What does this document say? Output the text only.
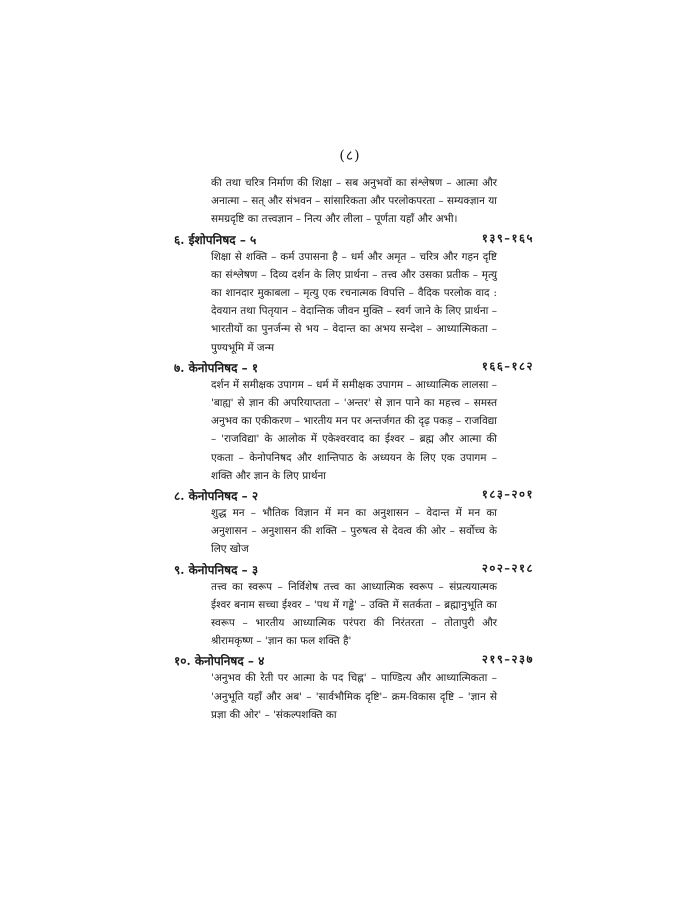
(८)
की तथा चरित्र निर्माण की शिक्षा – सब अनुभवों का संश्लेषण – आत्मा और अनात्मा – सत् और संभवन – सांसारिकता और परलोकपरता – सम्यक्ज्ञान या समग्रदृष्टि का तत्त्वज्ञान – नित्य और लीला – पूर्णता यहाँ और अभी।
६. ईशोपनिषद – ५	१३९–१६५
शिक्षा से शक्ति – कर्म उपासना है – धर्म और अमृत – चरित्र और गहन दृष्टि का संश्लेषण – दिव्य दर्शन के लिए प्रार्थना – तत्त्व और उसका प्रतीक – मृत्यु का शानदार मुकाबला – मृत्यु एक रचनात्मक विपत्ति – वैदिक परलोक वाद : देवयान तथा पितृयान – वेदान्तिक जीवन मुक्ति – स्वर्ग जाने के लिए प्रार्थना – भारतीयों का पुनर्जन्म से भय – वेदान्त का अभय सन्देश – आध्यात्मिकता – पुण्यभूमि में जन्म
७. केनोपनिषद – १	१६६–१८२
दर्शन में समीक्षक उपागम – धर्म में समीक्षक उपागम – आध्यात्मिक लालसा – 'बाह्य' से ज्ञान की अपरियाप्तता – 'अन्तर' से ज्ञान पाने का महत्त्व – समस्त अनुभव का एकीकरण – भारतीय मन पर अन्तर्जगत की दृढ़ पकड़ – राजविद्या – 'राजविद्या' के आलोक में एकेश्वरवाद का ईश्वर – ब्रह्म और आत्मा की एकता – केनोपनिषद और शान्तिपाठ के अध्ययन के लिए एक उपागम – शक्ति और ज्ञान के लिए प्रार्थना
८. केनोपनिषद – २	१८३–२०१
शुद्ध मन – भौतिक विज्ञान में मन का अनुशासन – वेदान्त में मन का अनुशासन – अनुशासन की शक्ति – पुरुषत्व से देवत्व की ओर – सर्वोच्च के लिए खोज
९. केनोपनिषद – ३	२०२–२१८
तत्त्व का स्वरूप – निर्विशेष तत्त्व का आध्यात्मिक स्वरूप – संप्रत्ययात्मक ईश्वर बनाम सच्चा ईश्वर – 'पथ में गड्ढे' – उक्ति में सतर्कता – ब्रह्मानुभूति का स्वरूप – भारतीय आध्यात्मिक परंपरा की निरंतरता – तोतापुरी और श्रीरामकृष्ण – 'ज्ञान का फल शक्ति है'
१०. केनोपनिषद – ४	२१९–२३७
'अनुभव की रेती पर आत्मा के पद चिह्न' – पाण्डित्य और आध्यात्मिकता – 'अनुभूति यहाँ और अब' – 'सार्वभौमिक दृष्टि'– क्रम-विकास दृष्टि – 'ज्ञान से प्रज्ञा की ओर' – 'संकल्पशक्ति का
